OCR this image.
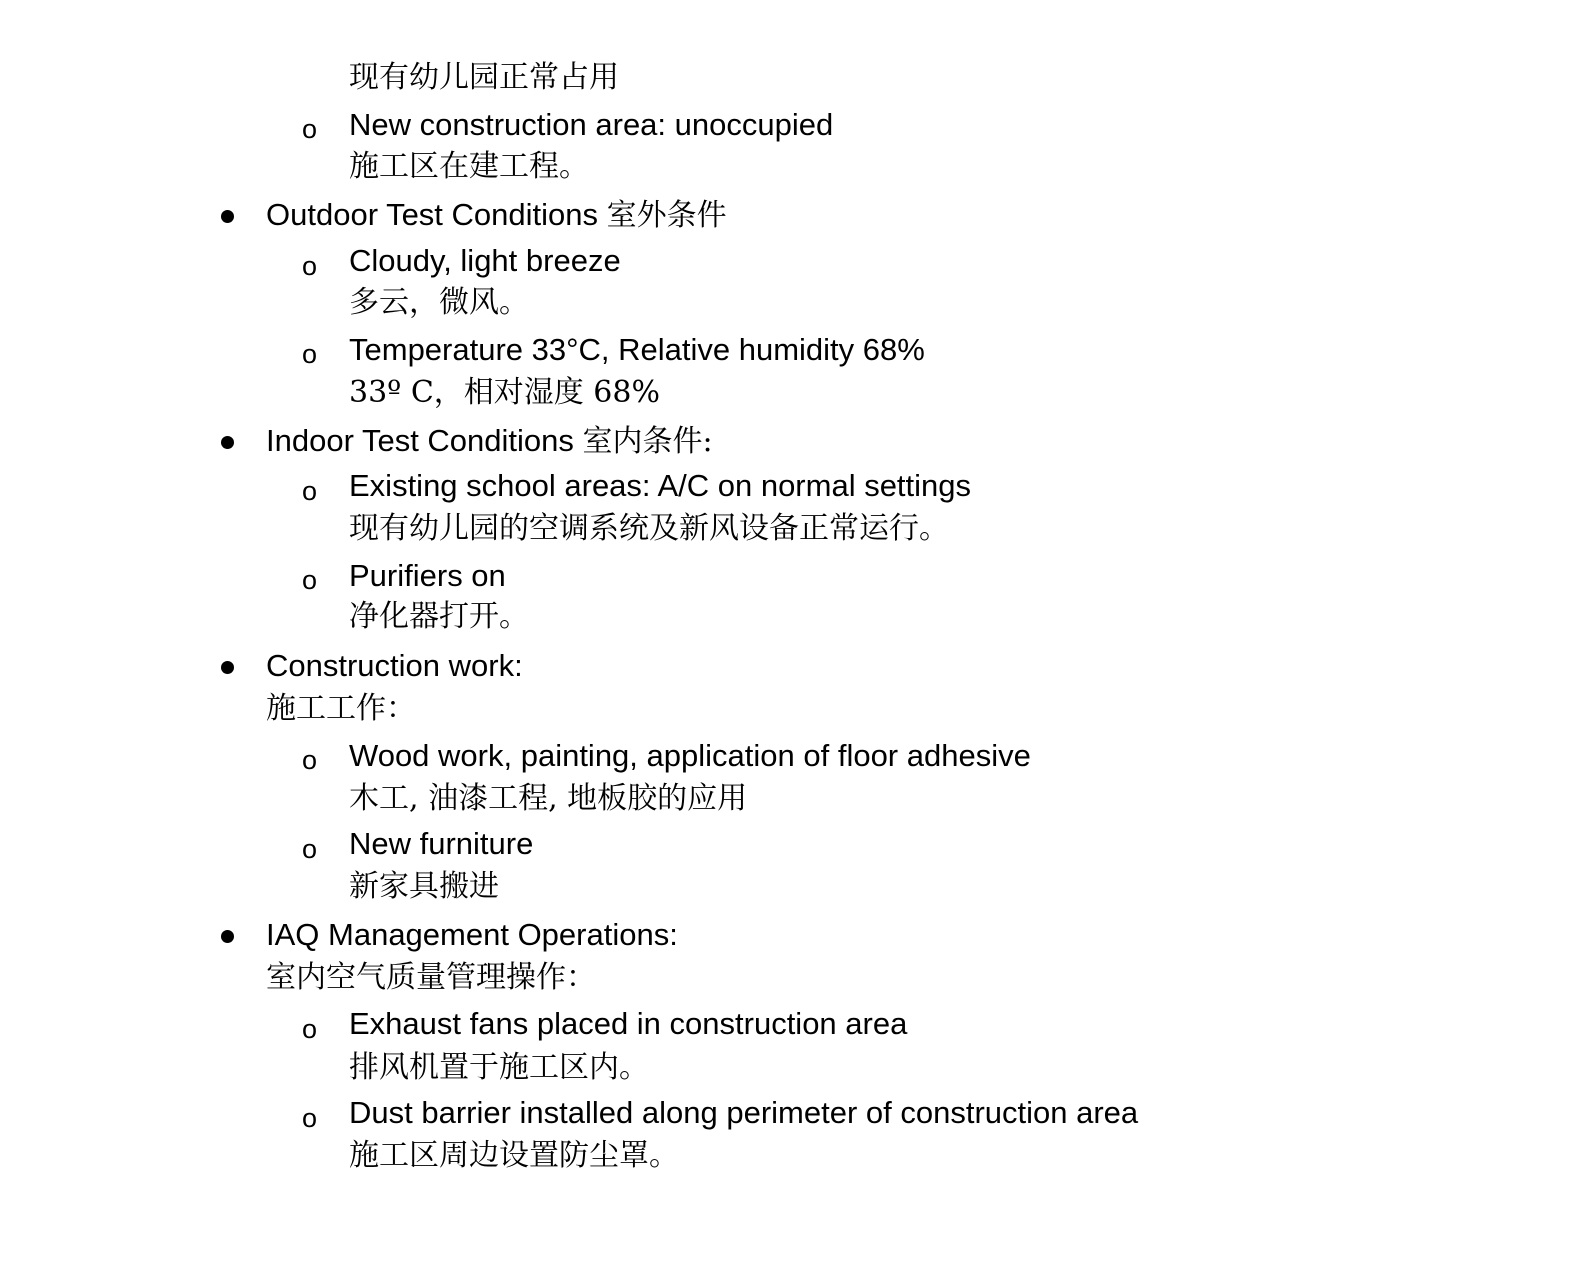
现有幼儿园正常占用
o New construction area: unoccupied
施工区在建工程。
Outdoor Test Conditions 室外条件
o Cloudy, light breeze
多云，微风。
o Temperature 33°C, Relative humidity 68%
33º C，相对湿度 68%
Indoor Test Conditions 室内条件:
o Existing school areas: A/C on normal settings
现有幼儿园的空调系统及新风设备正常运行。
o Purifiers on
净化器打开。
Construction work:
施工工作：
o Wood work, painting, application of floor adhesive
木工, 油漆工程, 地板胶的应用
o New furniture
新家具搬进
IAQ Management Operations:
室内空气质量管理操作：
o Exhaust fans placed in construction area
排风机置于施工区内。
o Dust barrier installed along perimeter of construction area
施工区周边设置防尘罩。
